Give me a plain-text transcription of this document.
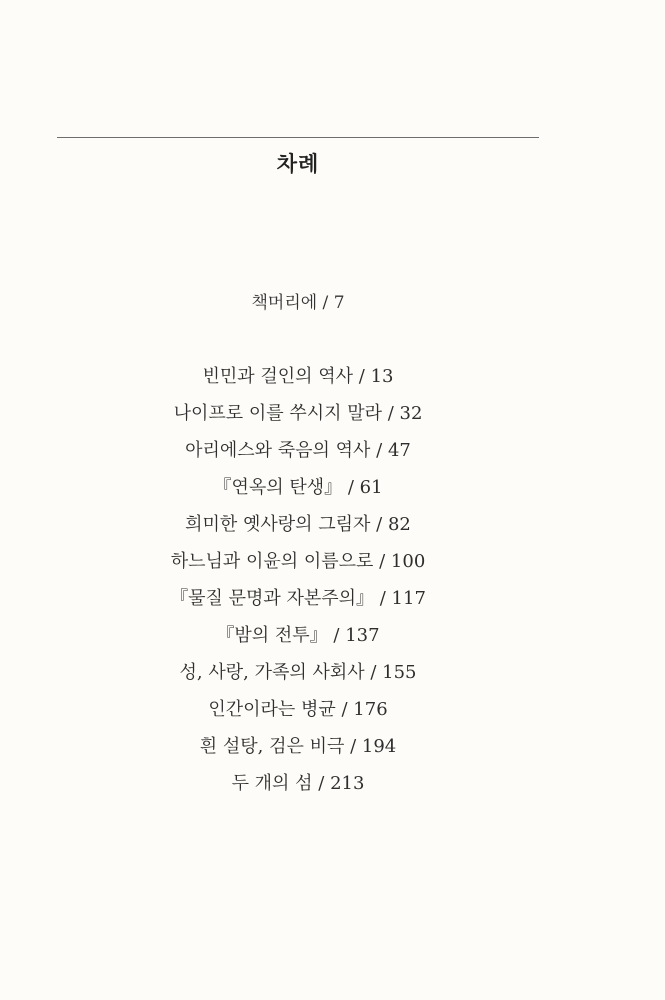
차례
책머리에 / 7
빈민과 걸인의 역사 / 13
나이프로 이를 쑤시지 말라 / 32
아리에스와 죽음의 역사 / 47
『연옥의 탄생』 / 61
희미한 옛사랑의 그림자 / 82
하느님과 이윤의 이름으로 / 100
『물질 문명과 자본주의』 / 117
『밤의 전투』 / 137
성, 사랑, 가족의 사회사 / 155
인간이라는 병균 / 176
흰 설탕, 검은 비극 / 194
두 개의 섬 / 213
